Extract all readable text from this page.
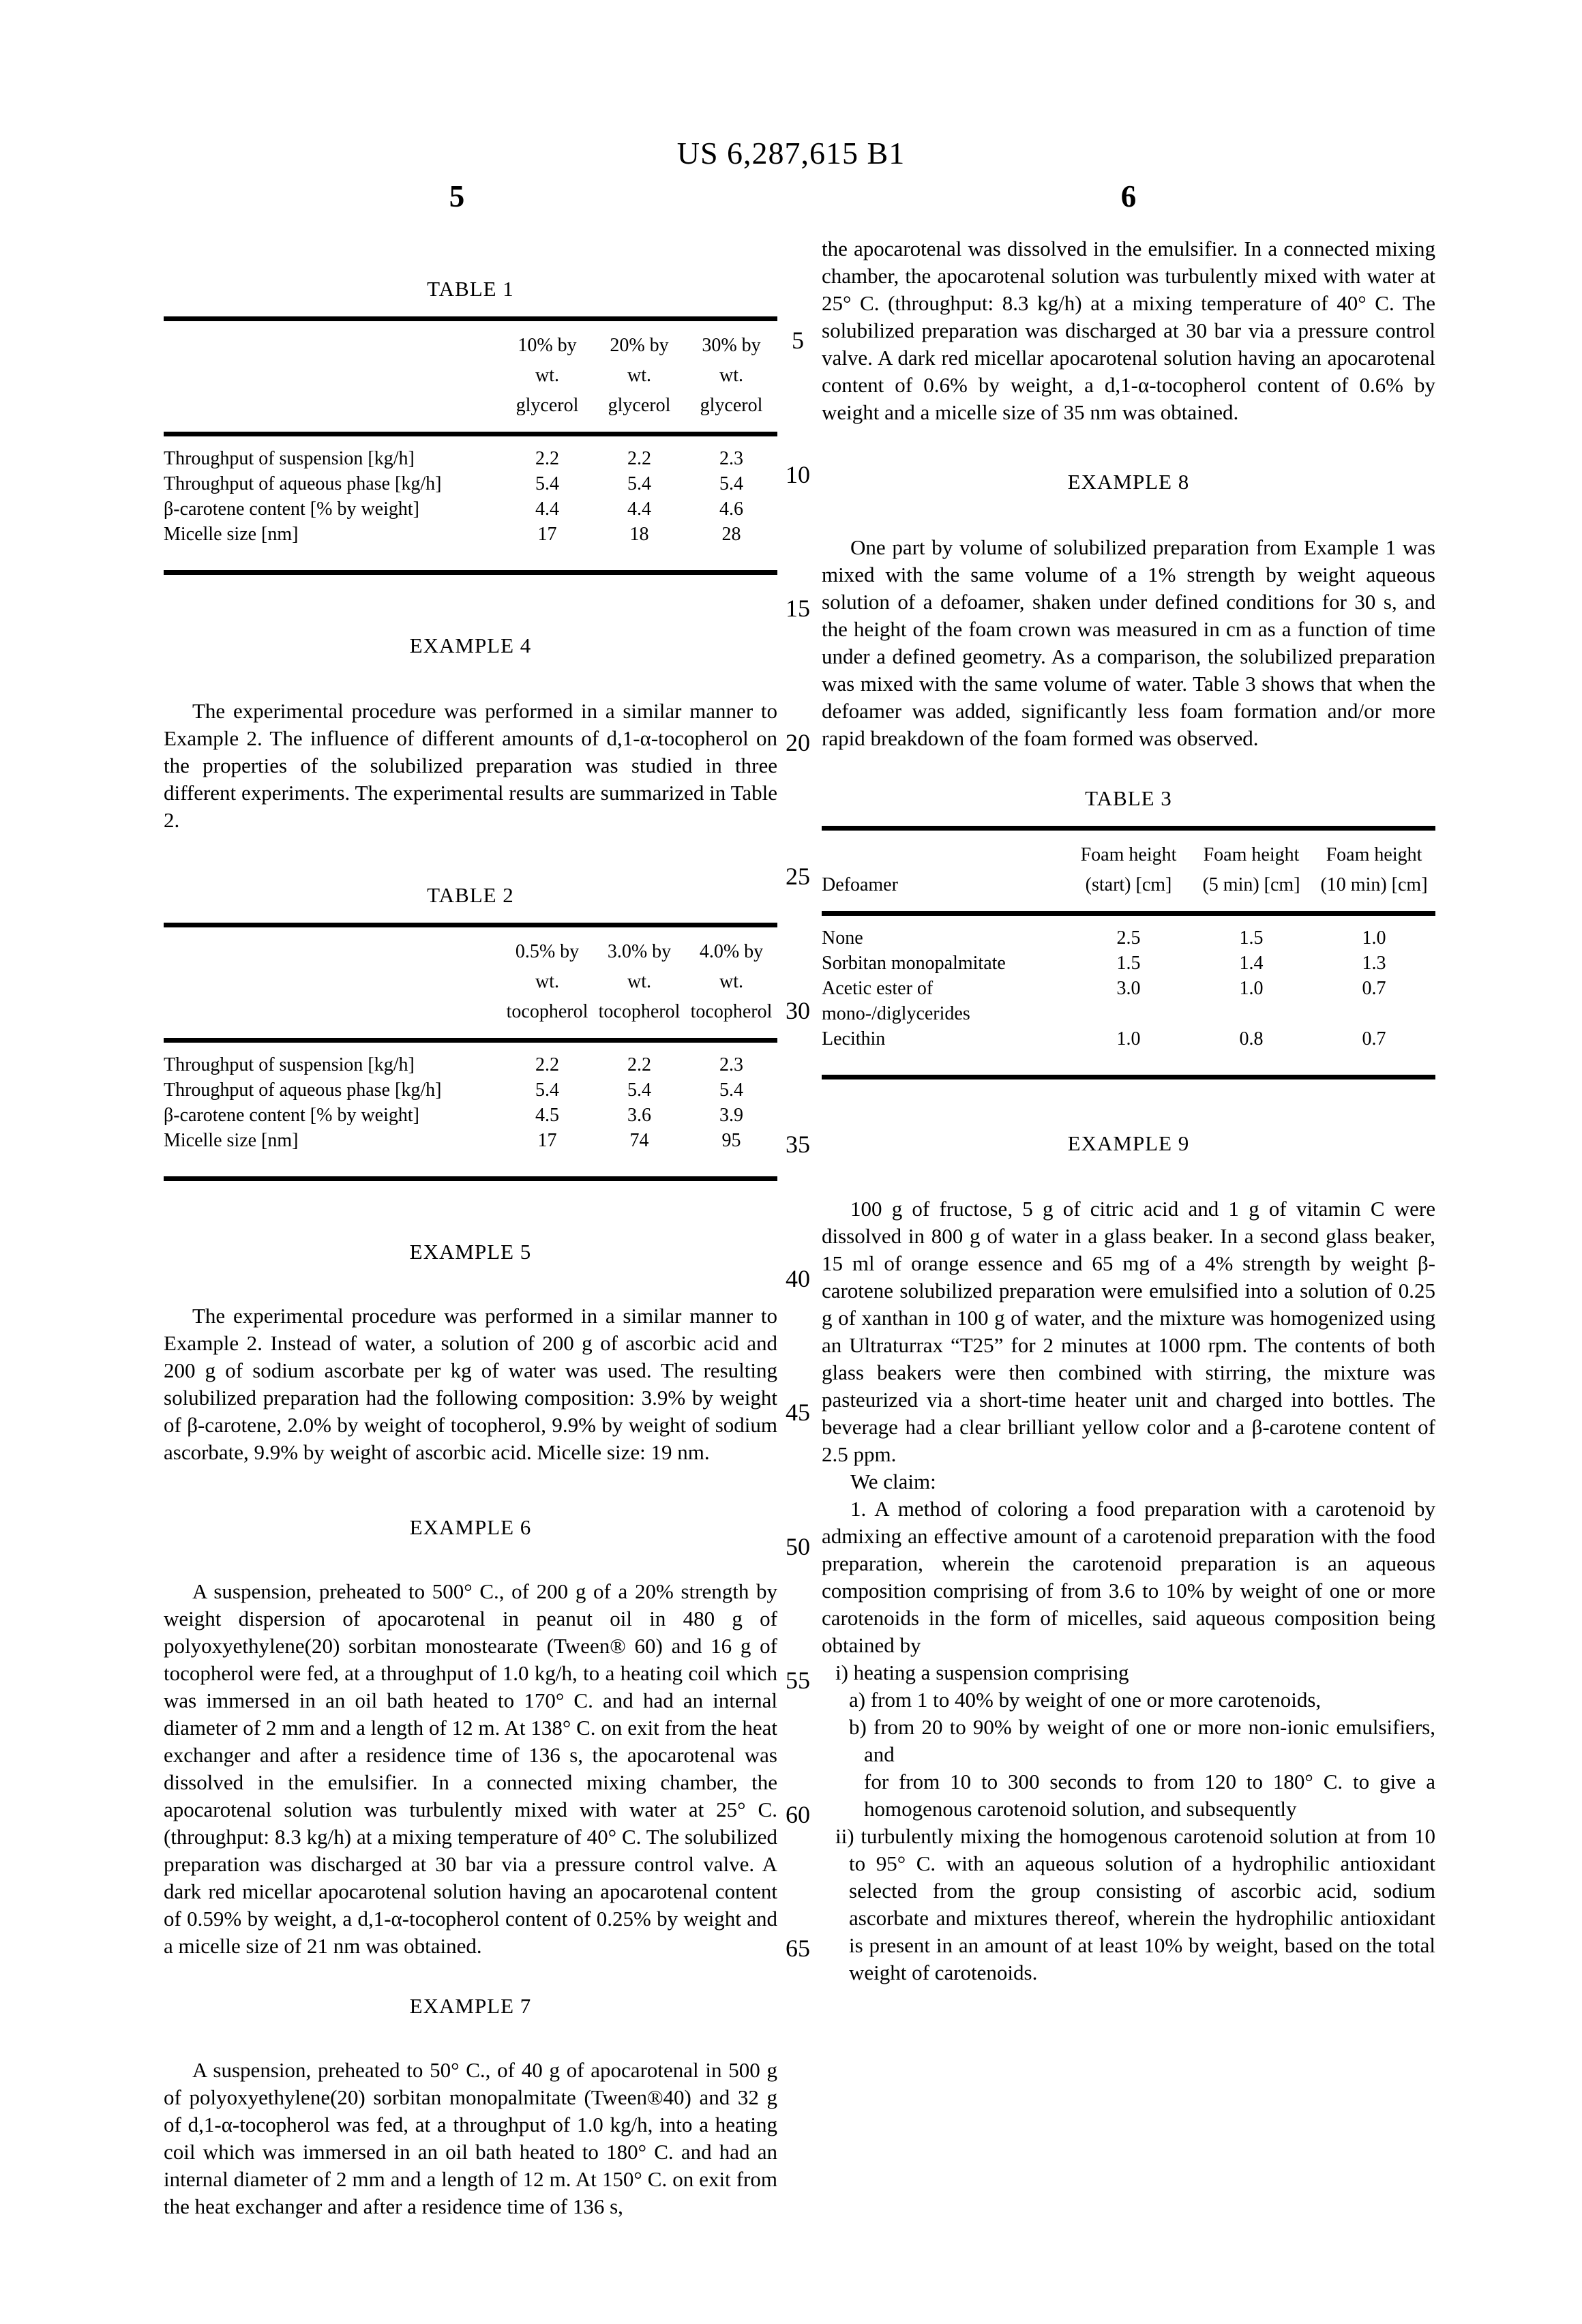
US 6,287,615 B1
5	6
5
10
15
20
25
30
35
40
45
50
55
60
65
TABLE 1
	10% by
wt.
glycerol	20% by
wt.
glycerol	30% by
wt.
glycerol
Throughput of suspension [kg/h]	2.2	2.2	2.3
Throughput of aqueous phase [kg/h]	5.4	5.4	5.4
β-carotene content [% by weight]	4.4	4.4	4.6
Micelle size [nm]	17	18	28
EXAMPLE 4

The experimental procedure was performed in a similar manner to Example 2. The influence of different amounts of d,1-α-tocopherol on the properties of the solubilized preparation was studied in three different experiments. The experimental results are summarized in Table 2.

TABLE 2
	0.5% by
wt.
tocopherol	3.0% by
wt.
tocopherol	4.0% by
wt.
tocopherol
Throughput of suspension [kg/h]	2.2	2.2	2.3
Throughput of aqueous phase [kg/h]	5.4	5.4	5.4
β-carotene content [% by weight]	4.5	3.6	3.9
Micelle size [nm]	17	74	95
EXAMPLE 5

The experimental procedure was performed in a similar manner to Example 2. Instead of water, a solution of 200 g of ascorbic acid and 200 g of sodium ascorbate per kg of water was used. The resulting solubilized preparation had the following composition: 3.9% by weight of β-carotene, 2.0% by weight of tocopherol, 9.9% by weight of sodium ascorbate, 9.9% by weight of ascorbic acid. Micelle size: 19 nm.

EXAMPLE 6

A suspension, preheated to 500° C., of 200 g of a 20% strength by weight dispersion of apocarotenal in peanut oil in 480 g of polyoxyethylene(20) sorbitan monostearate (Tween® 60) and 16 g of tocopherol were fed, at a throughput of 1.0 kg/h, to a heating coil which was immersed in an oil bath heated to 170° C. and had an internal diameter of 2 mm and a length of 12 m. At 138° C. on exit from the heat exchanger and after a residence time of 136 s, the apocarotenal was dissolved in the emulsifier. In a connected mixing chamber, the apocarotenal solution was turbulently mixed with water at 25° C. (throughput: 8.3 kg/h) at a mixing temperature of 40° C. The solubilized preparation was discharged at 30 bar via a pressure control valve. A dark red micellar apocarotenal solution having an apocarotenal content of 0.59% by weight, a d,1-α-tocopherol content of 0.25% by weight and a micelle size of 21 nm was obtained.

EXAMPLE 7

A suspension, preheated to 50° C., of 40 g of apocarotenal in 500 g of polyoxyethylene(20) sorbitan monopalmitate (Tween®40) and 32 g of d,1-α-tocopherol was fed, at a throughput of 1.0 kg/h, into a heating coil which was immersed in an oil bath heated to 180° C. and had an internal diameter of 2 mm and a length of 12 m. At 150° C. on exit from the heat exchanger and after a residence time of 136 s,

the apocarotenal was dissolved in the emulsifier. In a connected mixing chamber, the apocarotenal solution was turbulently mixed with water at 25° C. (throughput: 8.3 kg/h) at a mixing temperature of 40° C. The solubilized preparation was discharged at 30 bar via a pressure control valve. A dark red micellar apocarotenal solution having an apocarotenal content of 0.6% by weight, a d,1-α-tocopherol content of 0.6% by weight and a micelle size of 35 nm was obtained.

EXAMPLE 8

One part by volume of solubilized preparation from Example 1 was mixed with the same volume of a 1% strength by weight aqueous solution of a defoamer, shaken under defined conditions for 30 s, and the height of the foam crown was measured in cm as a function of time under a defined geometry. As a comparison, the solubilized preparation was mixed with the same volume of water. Table 3 shows that when the defoamer was added, significantly less foam formation and/or more rapid breakdown of the foam formed was observed.

TABLE 3
Defoamer	Foam height
(start) [cm]	Foam height
(5 min) [cm]	Foam height
(10 min) [cm]
None	2.5	1.5	1.0
Sorbitan monopalmitate	1.5	1.4	1.3
Acetic ester of
mono-/diglycerides	3.0	1.0	0.7
Lecithin	1.0	0.8	0.7
EXAMPLE 9

100 g of fructose, 5 g of citric acid and 1 g of vitamin C were dissolved in 800 g of water in a glass beaker. In a second glass beaker, 15 ml of orange essence and 65 mg of a 4% strength by weight β-carotene solubilized preparation were emulsified into a solution of 0.25 g of xanthan in 100 g of water, and the mixture was homogenized using an Ultraturrax “T25” for 2 minutes at 1000 rpm. The contents of both glass beakers were then combined with stirring, the mixture was pasteurized via a short-time heater unit and charged into bottles. The beverage had a clear brilliant yellow color and a β-carotene content of 2.5 ppm.

We claim:

1. A method of coloring a food preparation with a carotenoid by admixing an effective amount of a carotenoid preparation with the food preparation, wherein the carotenoid preparation is an aqueous composition comprising of from 3.6 to 10% by weight of one or more carotenoids in the form of micelles, said aqueous composition being obtained by

i) heating a suspension comprising

a) from 1 to 40% by weight of one or more carotenoids,

b) from 20 to 90% by weight of one or more non-ionic emulsifiers, and

for from 10 to 300 seconds to from 120 to 180° C. to give a homogenous carotenoid solution, and subsequently

ii) turbulently mixing the homogenous carotenoid solution at from 10 to 95° C. with an aqueous solution of a hydrophilic antioxidant selected from the group consisting of ascorbic acid, sodium ascorbate and mixtures thereof, wherein the hydrophilic antioxidant is present in an amount of at least 10% by weight, based on the total weight of carotenoids.
